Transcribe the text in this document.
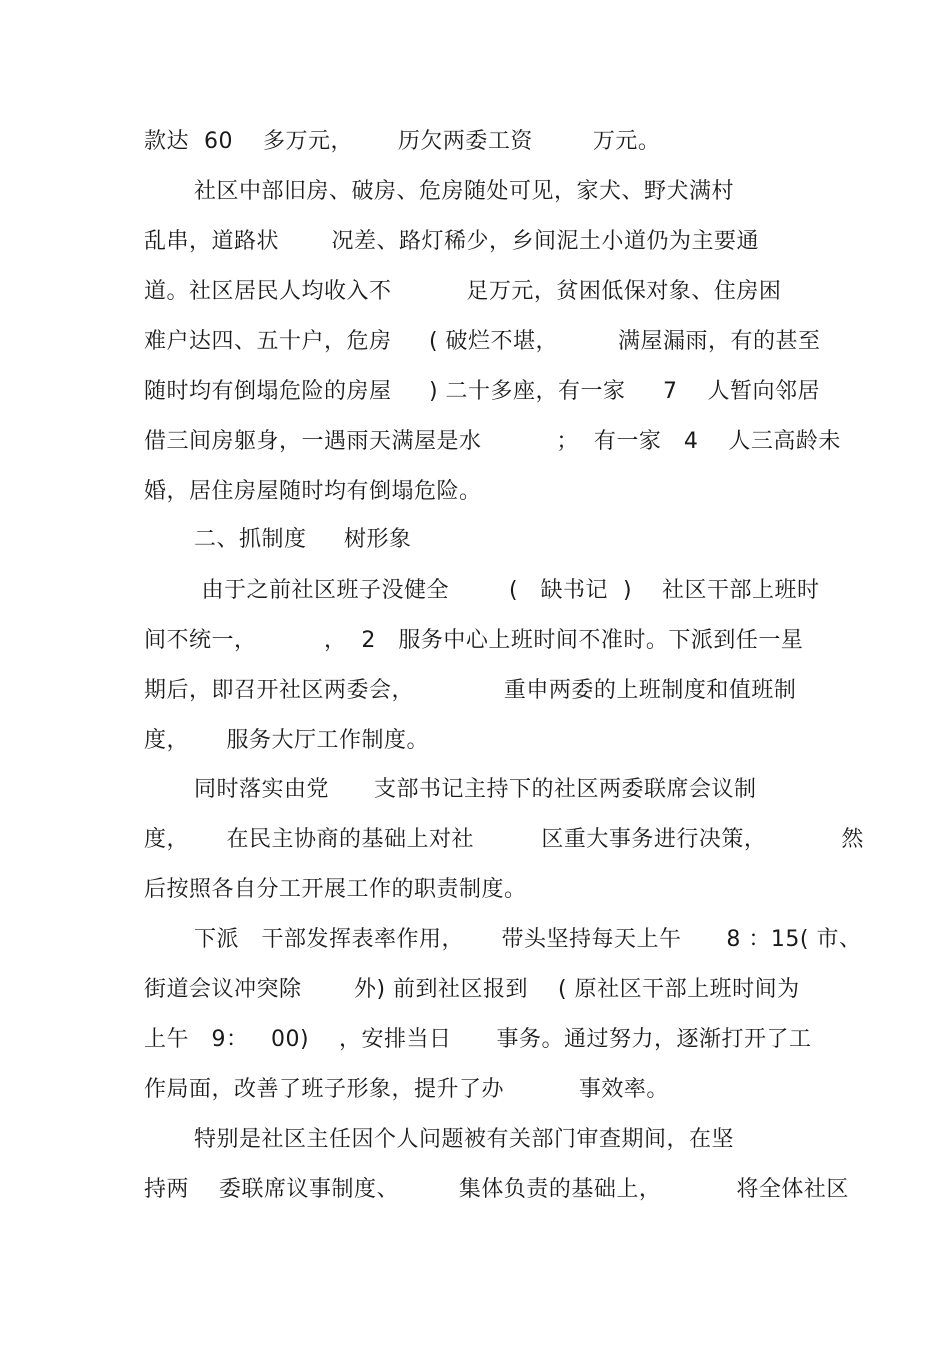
款达  60    多万元，      历欠两委工资        万元。
社区中部旧房、破房、危房随处可见，家犬、野犬满村
乱串，道路状       况差、路灯稀少，乡间泥土小道仍为主要通
道。社区居民人均收入不          足万元，贫困低保对象、住房困
难户达四、五十户，危房     ( 破烂不堪，        满屋漏雨，有的甚至
随时均有倒塌危险的房屋     ) 二十多座，有一家     7    人暂向邻居
借三间房躯身，一遇雨天满屋是水          ；  有一家   4    人三高龄未
婚，居住房屋随时均有倒塌危险。
二、抓制度     树形象
由于之前社区班子没健全        (   缺书记  )    社区干部上班时
间不统一，         ，  2   服务中心上班时间不准时。下派到任一星
期后，即召开社区两委会，            重申两委的上班制度和值班制
度，     服务大厅工作制度。
同时落实由党      支部书记主持下的社区两委联席会议制
度，     在民主协商的基础上对社         区重大事务进行决策，          然
后按照各自分工开展工作的职责制度。
下派   干部发挥表率作用，     带头坚持每天上午      8 ：15( 市、
街道会议冲突除       外) 前到社区报到    ( 原社区干部上班时间为
上午   9：   00)    ，安排当日      事务。通过努力，逐渐打开了工
作局面，改善了班子形象，提升了办          事效率。
特别是社区主任因个人问题被有关部门审查期间，在坚
持两    委联席议事制度、        集体负责的基础上，          将全体社区
